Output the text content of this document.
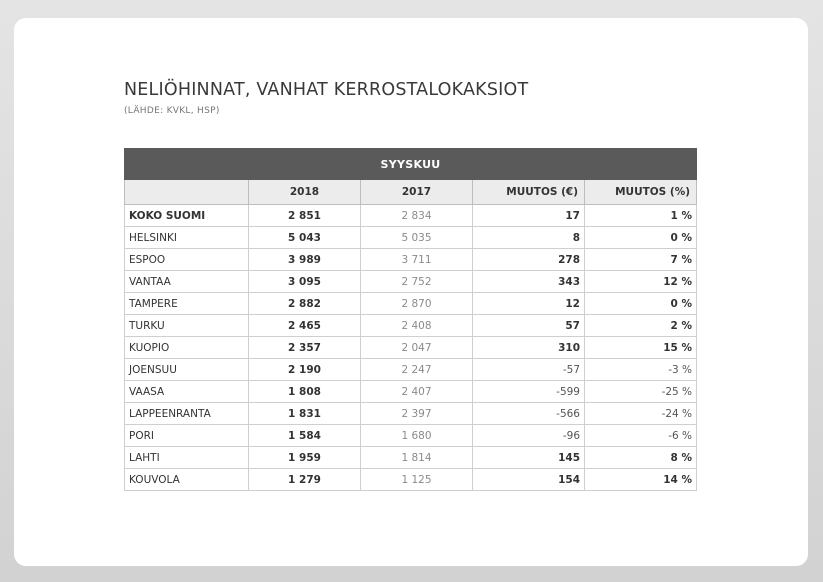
NELIÖHINNAT, VANHAT KERROSTALOKAKSIOT
(LÄHDE: KVKL, HSP)
SYYSKUU				
	2018	2017	MUUTOS (€)	MUUTOS (%)
KOKO SUOMI	2 851	2 834	17	1 %
HELSINKI	5 043	5 035	8	0 %
ESPOO	3 989	3 711	278	7 %
VANTAA	3 095	2 752	343	12 %
TAMPERE	2 882	2 870	12	0 %
TURKU	2 465	2 408	57	2 %
KUOPIO	2 357	2 047	310	15 %
JOENSUU	2 190	2 247	-57	-3 %
VAASA	1 808	2 407	-599	-25 %
LAPPEENRANTA	1 831	2 397	-566	-24 %
PORI	1 584	1 680	-96	-6 %
LAHTI	1 959	1 814	145	8 %
KOUVOLA	1 279	1 125	154	14 %
